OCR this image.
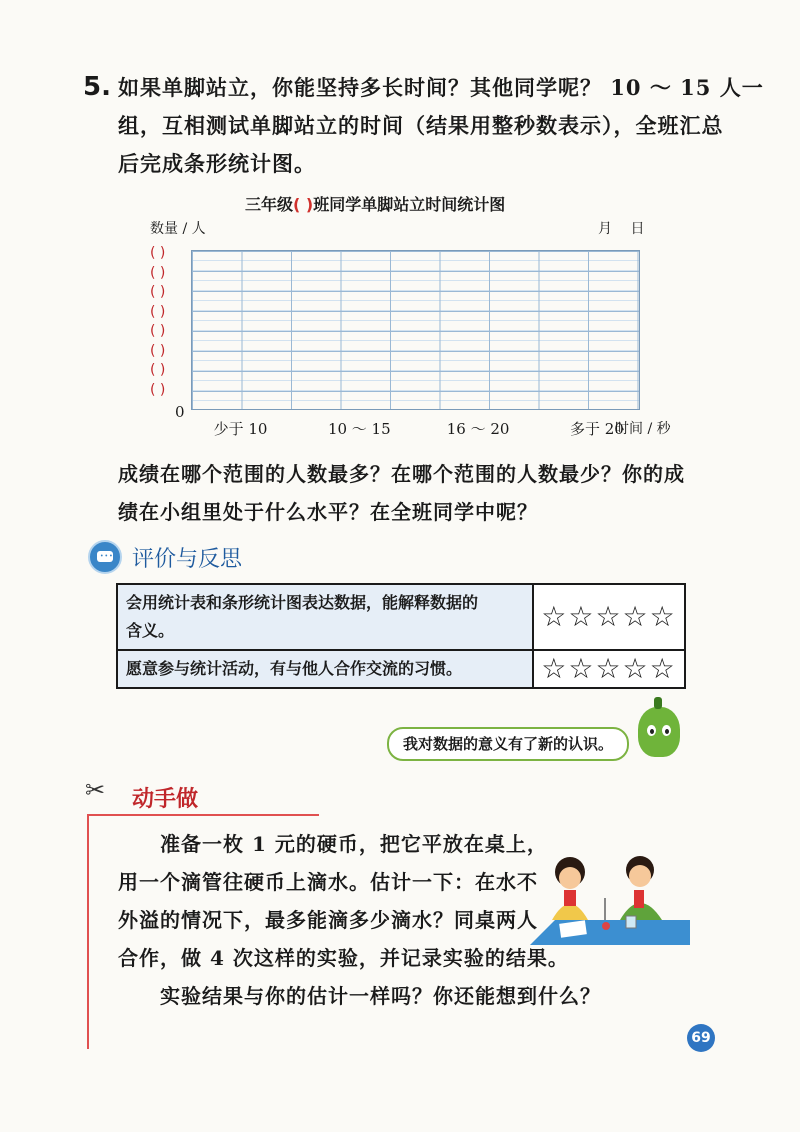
5. 如果单脚站立，你能坚持多长时间？其他同学呢？ 10 ～ 15 人一
组，互相测试单脚站立的时间（结果用整秒数表示），全班汇总
后完成条形统计图。
三年级( )班同学单脚站立时间统计图
数量 / 人	月 日
( )
( )
( )
( )
( )
( )
( )
( )
0
少于 10	10 ～ 15	16 ～ 20	多于 20
时间 / 秒
成绩在哪个范围的人数最多？在哪个范围的人数最少？你的成
绩在小组里处于什么水平？在全班同学中呢？
••• 评价与反思
会用统计表和条形统计图表达数据，能解释数据的
含义。	☆☆☆☆☆
愿意参与统计活动，有与他人合作交流的习惯。	☆☆☆☆☆
我对数据的意义有了新的认识。
✂ 动手做
准备一枚 1 元的硬币，把它平放在桌上，
用一个滴管往硬币上滴水。估计一下：在水不
外溢的情况下，最多能滴多少滴水？同桌两人
合作，做 4 次这样的实验，并记录实验的结果。
实验结果与你的估计一样吗？你还能想到什么？
69
